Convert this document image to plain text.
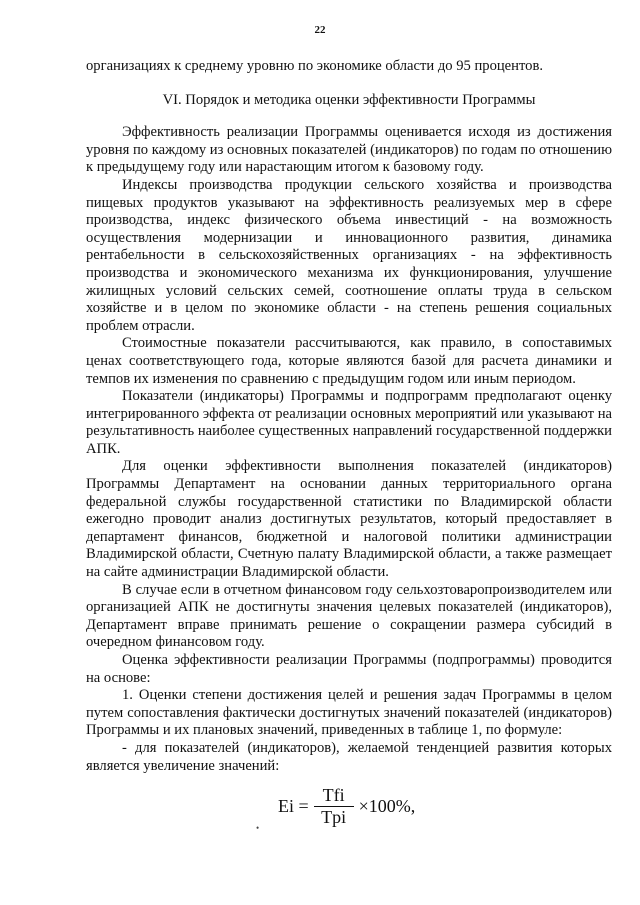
22

организациях к среднему уровню по экономике области до 95 процентов.

VI. Порядок и методика оценки эффективности Программы

Эффективность реализации Программы оценивается исходя из достижения уровня по каждому из основных показателей (индикаторов) по годам по отношению к предыдущему году или нарастающим итогом к базовому году.

Индексы производства продукции сельского хозяйства и производства пищевых продуктов указывают на эффективность реализуемых мер в сфере производства, индекс физического объема инвестиций - на возможность осуществления модернизации и инновационного развития, динамика рентабельности в сельскохозяйственных организациях - на эффективность производства и экономического механизма их функционирования, улучшение жилищных условий сельских семей, соотношение оплаты труда в сельском хозяйстве и в целом по экономике области - на степень решения социальных проблем отрасли.

Стоимостные показатели рассчитываются, как правило, в сопоставимых ценах соответствующего года, которые являются базой для расчета динамики и темпов их изменения по сравнению с предыдущим годом или иным периодом.

Показатели (индикаторы) Программы и подпрограмм предполагают оценку интегрированного эффекта от реализации основных мероприятий или указывают на результативность наиболее существенных направлений государственной поддержки АПК.

Для оценки эффективности выполнения показателей (индикаторов) Программы Департамент на основании данных территориального органа федеральной службы государственной статистики по Владимирской области ежегодно проводит анализ достигнутых результатов, который предоставляет в департамент финансов, бюджетной и налоговой политики администрации Владимирской области, Счетную палату Владимирской области, а также размещает на сайте администрации Владимирской области.

В случае если в отчетном финансовом году сельхозтоваропроизводителем или организацией АПК не достигнуты значения целевых показателей (индикаторов), Департамент вправе принимать решение о сокращении размера субсидий в очередном финансовом году.

Оценка эффективности реализации Программы (подпрограммы) проводится на основе:

1. Оценки степени достижения целей и решения задач Программы в целом путем сопоставления фактически достигнутых значений показателей (индикаторов) Программы и их плановых значений, приведенных в таблице 1, по формуле:

- для показателей (индикаторов), желаемой тенденцией развития которых является увеличение значений:

$Ei = \frac{\text{Tfi}}{\text{Tpi}} \times 100\%$,
•
